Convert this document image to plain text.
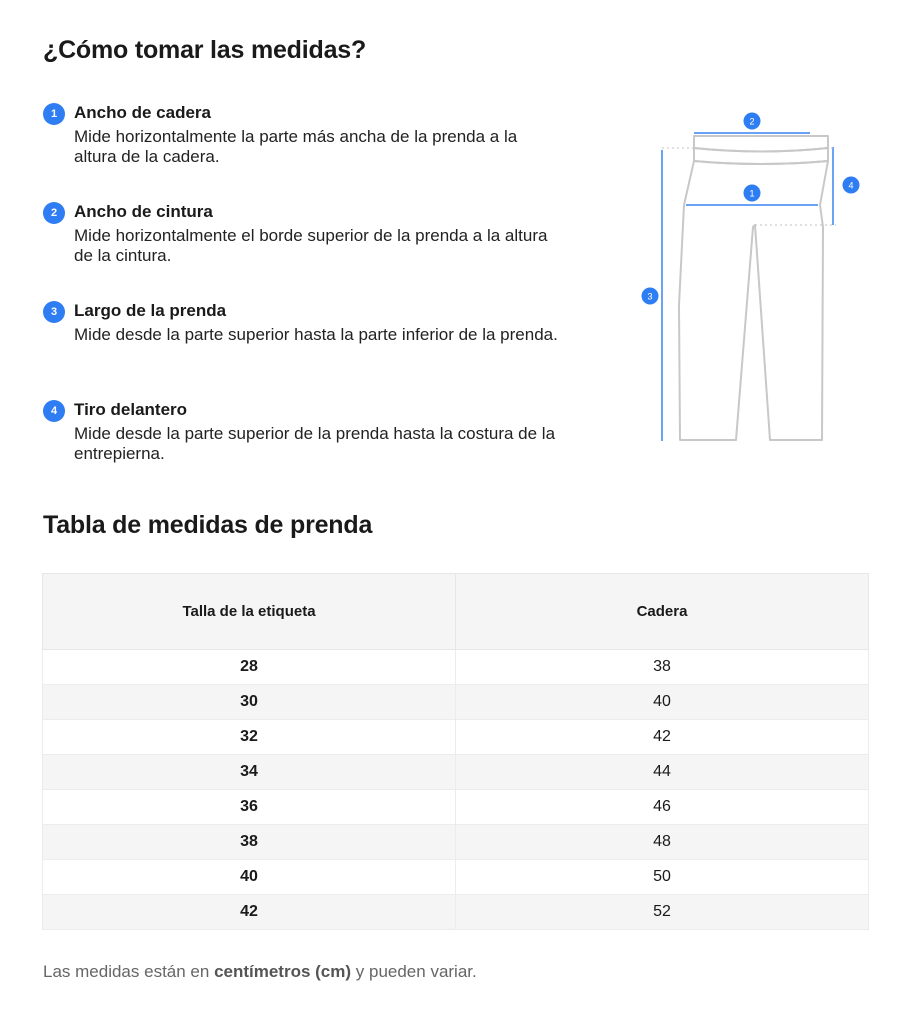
¿Cómo tomar las medidas?
1 Ancho de cadera
Mide horizontalmente la parte más ancha de la prenda a la altura de la cadera.
2 Ancho de cintura
Mide horizontalmente el borde superior de la prenda a la altura de la cintura.
3 Largo de la prenda
Mide desde la parte superior hasta la parte inferior de la prenda.
4 Tiro delantero
Mide desde la parte superior de la prenda hasta la costura de la entrepierna.
1
2
3
4
Tabla de medidas de prenda
Talla de la etiqueta	Cadera
28	38
30	40
32	42
34	44
36	46
38	48
40	50
42	52

Las medidas están en centímetros (cm) y pueden variar.
